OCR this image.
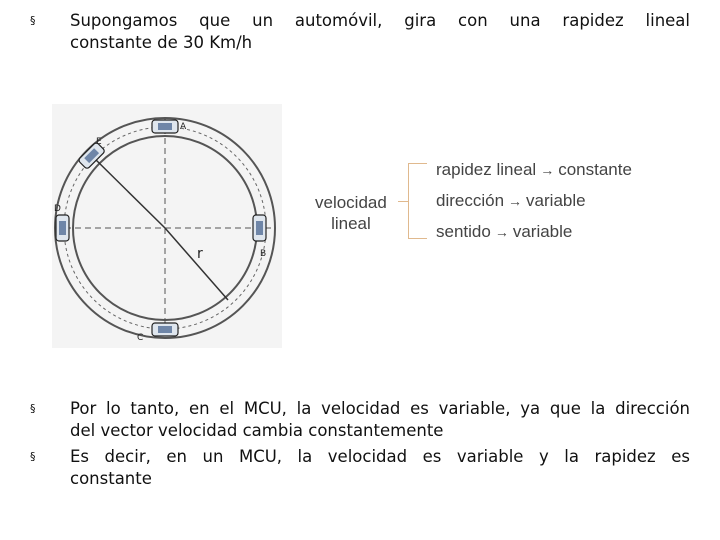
§ Supongamos que un automóvil, gira con una rapidez lineal
constante de 30 Km/h
A
B
C
D
E
r
velocidad
lineal
rapidez lineal → constante
dirección → variable
sentido → variable
§ Por lo tanto, en el MCU, la velocidad es variable, ya que la dirección
del vector velocidad cambia constantemente
§ Es decir, en un MCU, la velocidad es variable y la rapidez es
constante
